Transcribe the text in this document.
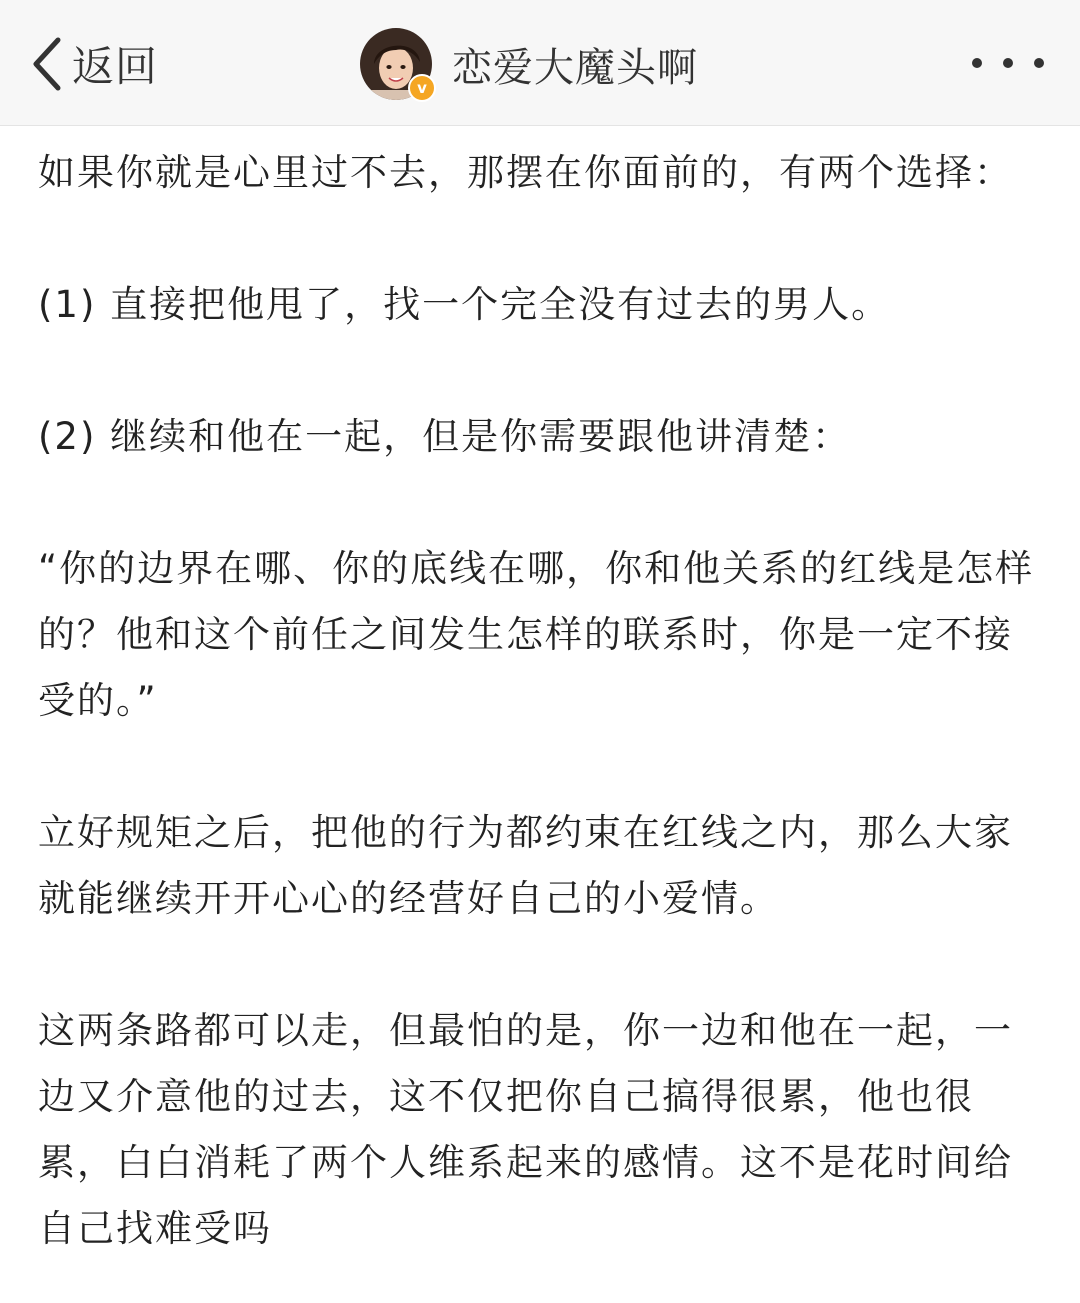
返回	v 恋爱大魔头啊

如果你就是心里过不去，那摆在你面前的，有两个选择：

(1) 直接把他甩了，找一个完全没有过去的男人。

(2) 继续和他在一起，但是你需要跟他讲清楚：

“你的边界在哪、你的底线在哪，你和他关系的红线是怎样的？他和这个前任之间发生怎样的联系时，你是一定不接受的。”

立好规矩之后，把他的行为都约束在红线之内，那么大家就能继续开开心心的经营好自己的小爱情。

这两条路都可以走，但最怕的是，你一边和他在一起，一边又介意他的过去，这不仅把你自己搞得很累，他也很累，白白消耗了两个人维系起来的感情。这不是花时间给自己找难受吗
